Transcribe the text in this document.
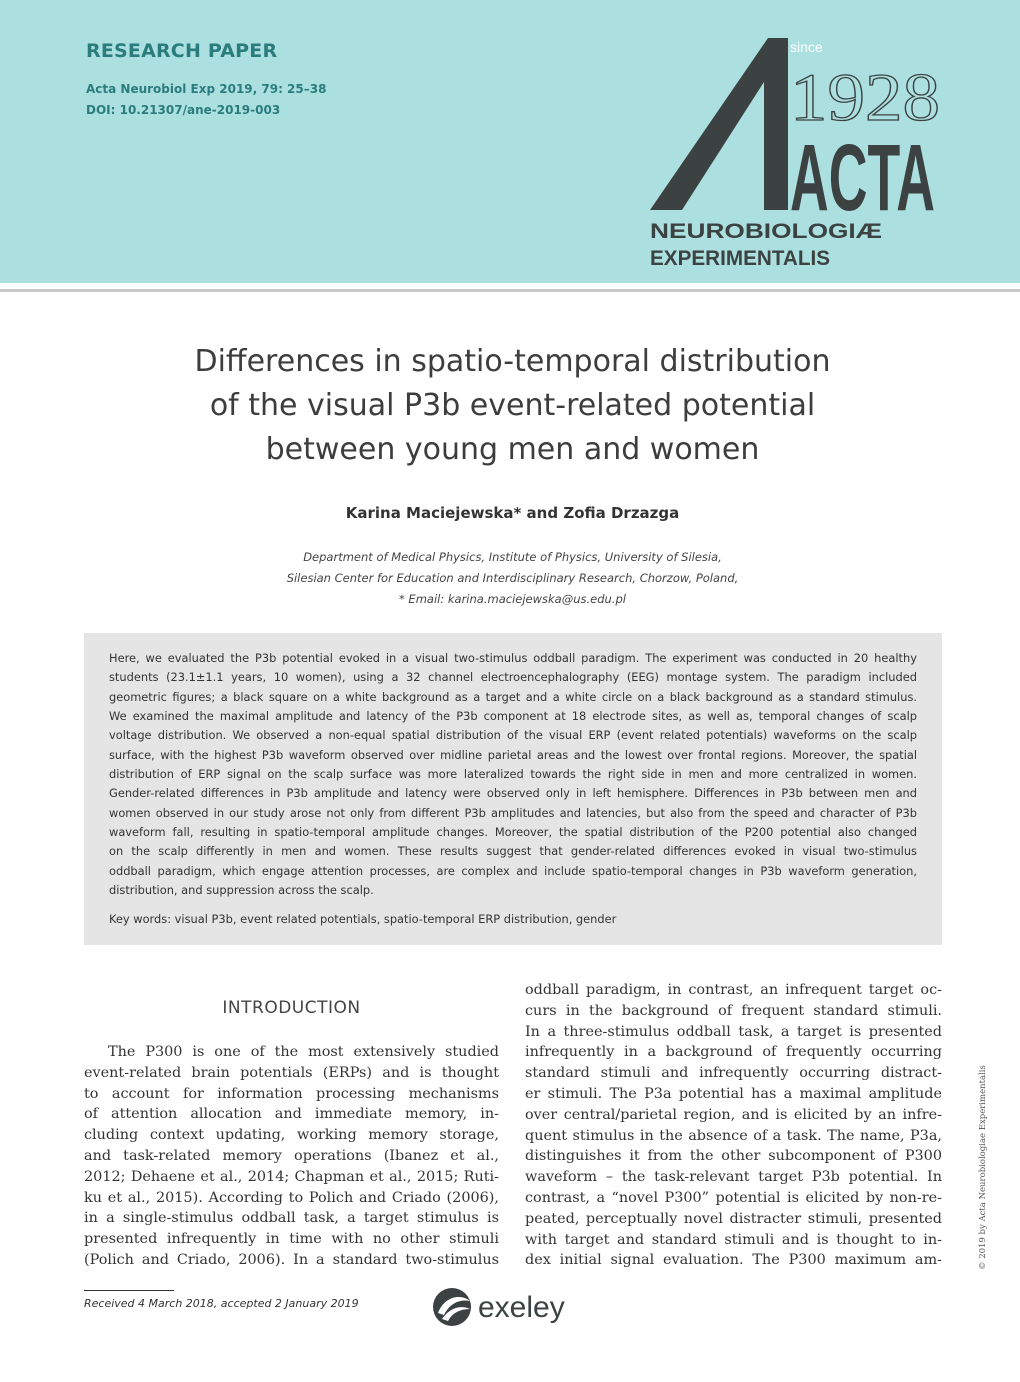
RESEARCH PAPER
Acta Neurobiol Exp 2019, 79: 25–38
DOI: 10.21307/ane-2019-003
since
1928
ACTA
NEUROBIOLOGIÆ
EXPERIMENTALIS
Differences in spatio-temporal distribution
of the visual P3b event-related potential
between young men and women
Karina Maciejewska* and Zofia Drzazga
Department of Medical Physics, Institute of Physics, University of Silesia,
Silesian Center for Education and Interdisciplinary Research, Chorzow, Poland,
* Email: karina.maciejewska@us.edu.pl
Here, we evaluated the P3b potential evoked in a visual two-stimulus oddball paradigm. The experiment was conducted in 20 healthy
students (23.1±1.1 years, 10 women), using a 32 channel electroencephalography (EEG) montage system. The paradigm included
geometric figures; a black square on a white background as a target and a white circle on a black background as a standard stimulus.
We examined the maximal amplitude and latency of the P3b component at 18 electrode sites, as well as, temporal changes of scalp
voltage distribution. We observed a non-equal spatial distribution of the visual ERP (event related potentials) waveforms on the scalp
surface, with the highest P3b waveform observed over midline parietal areas and the lowest over frontal regions. Moreover, the spatial
distribution of ERP signal on the scalp surface was more lateralized towards the right side in men and more centralized in women.
Gender-related differences in P3b amplitude and latency were observed only in left hemisphere. Differences in P3b between men and
women observed in our study arose not only from different P3b amplitudes and latencies, but also from the speed and character of P3b
waveform fall, resulting in spatio-temporal amplitude changes. Moreover, the spatial distribution of the P200 potential also changed
on the scalp differently in men and women. These results suggest that gender-related differences evoked in visual two-stimulus
oddball paradigm, which engage attention processes, are complex and include spatio-temporal changes in P3b waveform generation,
distribution, and suppression across the scalp.
Key words: visual P3b, event related potentials, spatio-temporal ERP distribution, gender
INTRODUCTION
The P300 is one of the most extensively studied
event-related brain potentials (ERPs) and is thought
to account for information processing mechanisms
of attention allocation and immediate memory, in-
cluding context updating, working memory storage,
and task-related memory operations (Ibanez et al.,
2012; Dehaene et al., 2014; Chapman et al., 2015; Ruti-
ku et al., 2015). According to Polich and Criado (2006),
in a single-stimulus oddball task, a target stimulus is
presented infrequently in time with no other stimuli
(Polich and Criado, 2006). In a standard two-stimulus
oddball paradigm, in contrast, an infrequent target oc-
curs in the background of frequent standard stimuli.
In a three-stimulus oddball task, a target is presented
infrequently in a background of frequently occurring
standard stimuli and infrequently occurring distract-
er stimuli. The P3a potential has a maximal amplitude
over central/parietal region, and is elicited by an infre-
quent stimulus in the absence of a task. The name, P3a,
distinguishes it from the other subcomponent of P300
waveform – the task-relevant target P3b potential. In
contrast, a “novel P300” potential is elicited by non-re-
peated, perceptually novel distracter stimuli, presented
with target and standard stimuli and is thought to in-
dex initial signal evaluation. The P300 maximum am-
Received 4 March 2018, accepted 2 January 2019	exeley
© 2019 by Acta Neurobiologiae Experimentalis
